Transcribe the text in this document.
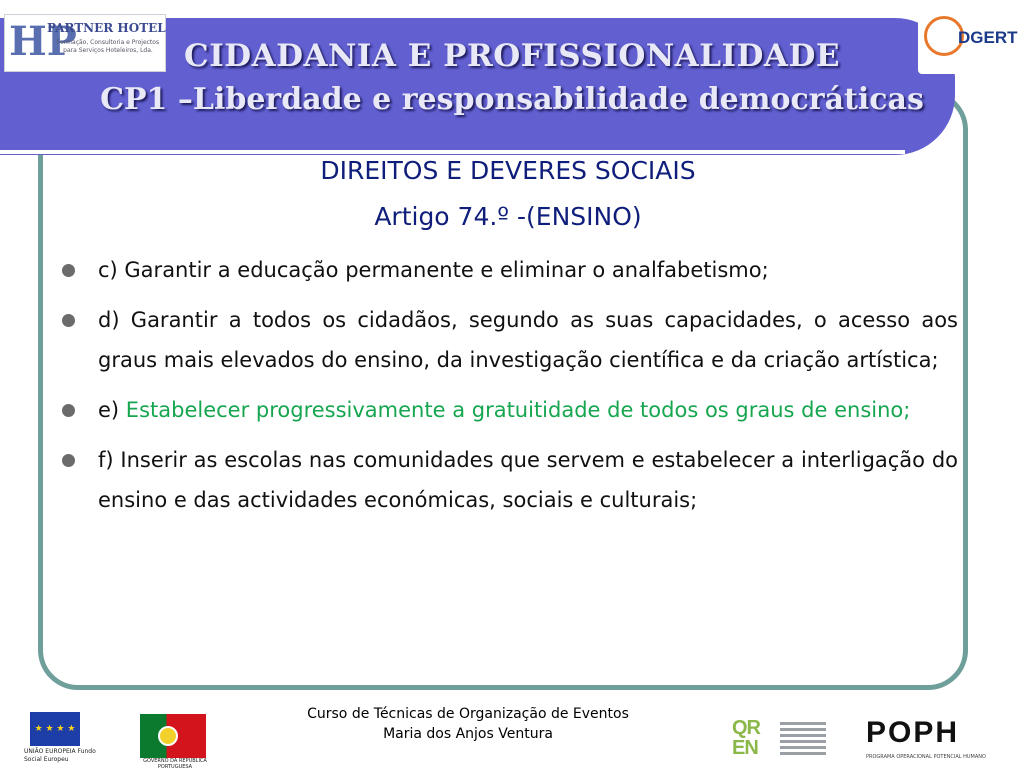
CIDADANIA E PROFISSIONALIDADE
CP1 –Liberdade e responsabilidade democráticas
HP
PARTNER HOTEL
Formação, Consultoria e Projectos para Serviços Hoteleiros, Lda.
DGERT
DIREITOS E DEVERES SOCIAIS
Artigo 74.º -(ENSINO)
c) Garantir a educação permanente e eliminar o analfabetismo;
d) Garantir a todos os cidadãos, segundo as suas capacidades, o acesso aos graus mais elevados do ensino, da investigação científica e da criação artística;
e) Estabelecer progressivamente a gratuitidade de todos os graus de ensino;
f) Inserir as escolas nas comunidades que servem e estabelecer a interligação do ensino e das actividades económicas, sociais e culturais;
Curso de Técnicas de Organização de Eventos
Maria dos Anjos Ventura
★ ★ ★ ★
UNIÃO EUROPEIA Fundo Social Europeu	GOVERNO DA REPÚBLICA PORTUGUESA
QR
EN	POPH
PROGRAMA OPERACIONAL POTENCIAL HUMANO
